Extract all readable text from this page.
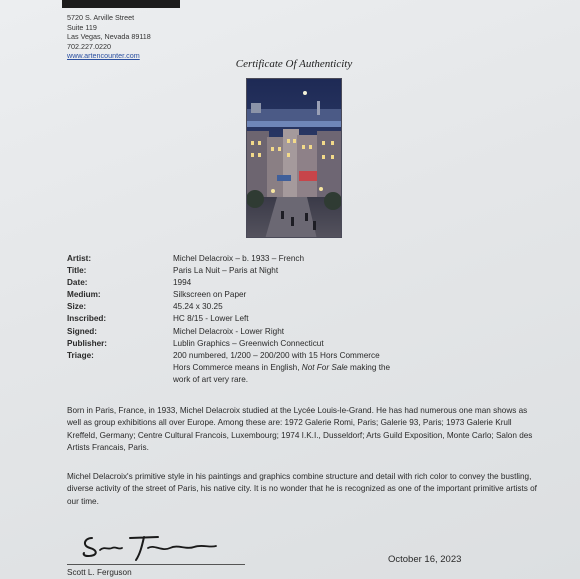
5720 S. Arville Street
Suite 119
Las Vegas, Nevada 89118
702.227.0220
www.artencounter.com
Certificate Of Authenticity
Artist:	Michel Delacroix – b. 1933 – French
Title:	Paris La Nuit – Paris at Night
Date:	1994
Medium:	Silkscreen on Paper
Size:	45.24 x 30.25
Inscribed:	HC 8/15 - Lower Left
Signed:	Michel Delacroix - Lower Right
Publisher:	Lublin Graphics – Greenwich Connecticut
Triage:	200 numbered, 1/200 – 200/200 with 15 Hors Commerce
Hors Commerce means in English, Not For Sale making the
work of art very rare.

Born in Paris, France, in 1933, Michel Delacroix studied at the Lycée Louis-le-Grand. He has had numerous one man shows as well as group exhibitions all over Europe. Among these are: 1972 Galerie Romi, Paris; Galerie 93, Paris; 1973 Galerie Krull Kreffeld, Germany; Centre Cultural Francois, Luxembourg; 1974 I.K.I., Dusseldorf; Arts Guild Exposition, Monte Carlo; Salon des Artists Francais, Paris.

Michel Delacroix's primitive style in his paintings and graphics combine structure and detail with rich color to convey the bustling, diverse activity of the street of Paris, his native city. It is no wonder that he is recognized as one of the important primitive artists of our time.

Scott L. Ferguson
October 16, 2023
